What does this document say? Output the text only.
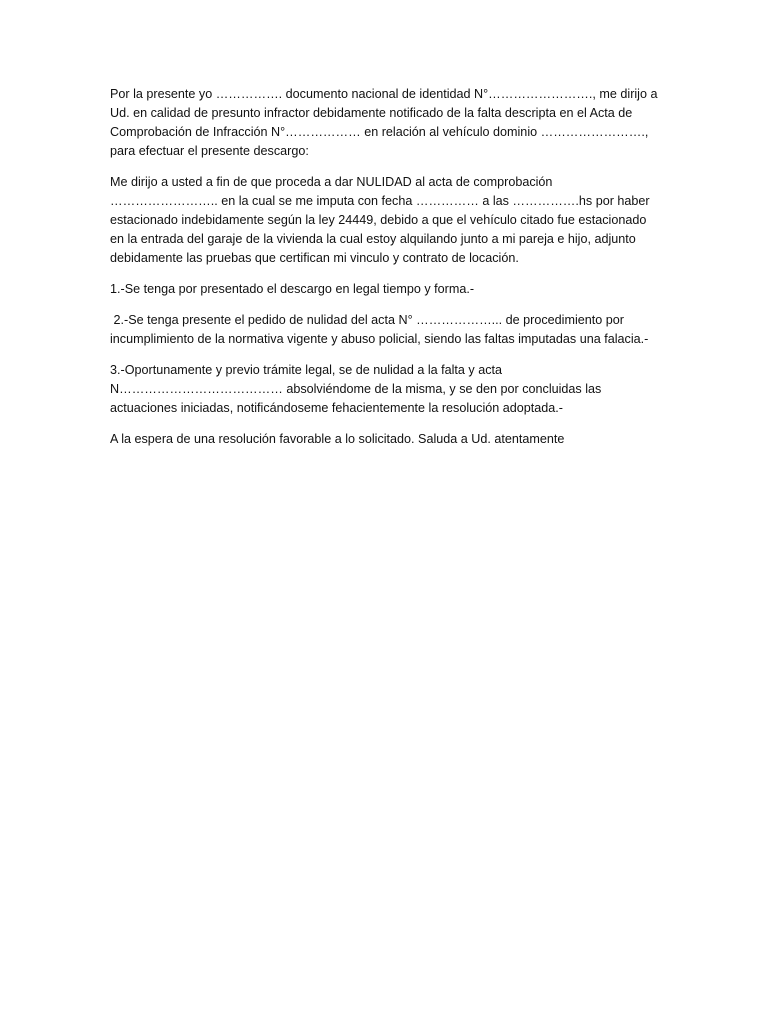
Por la presente yo ……………. documento nacional de identidad N°……………………., me dirijo a Ud. en calidad de presunto infractor debidamente notificado de la falta descripta en el Acta de Comprobación de Infracción N°……………… en relación al vehículo dominio ……………………., para efectuar el presente descargo:

Me dirijo a usted a fin de que proceda a dar NULIDAD al acta de comprobación …………………….. en la cual se me imputa con fecha …………… a las …………….hs por haber estacionado indebidamente según la ley 24449, debido a que el vehículo citado fue estacionado en la entrada del garaje de la vivienda la cual estoy alquilando junto a mi pareja e hijo, adjunto debidamente las pruebas que certifican mi vinculo y contrato de locación.

1.-Se tenga por presentado el descargo en legal tiempo y forma.-

2.-Se tenga presente el pedido de nulidad del acta N° ………………... de procedimiento por incumplimiento de la normativa vigente y abuso policial, siendo las faltas imputadas una falacia.-

3.-Oportunamente y previo trámite legal, se de nulidad a la falta y acta N………………………………… absolviéndome de la misma, y se den por concluidas las actuaciones iniciadas, notificándoseme fehacientemente la resolución adoptada.-

A la espera de una resolución favorable a lo solicitado. Saluda a Ud. atentamente
